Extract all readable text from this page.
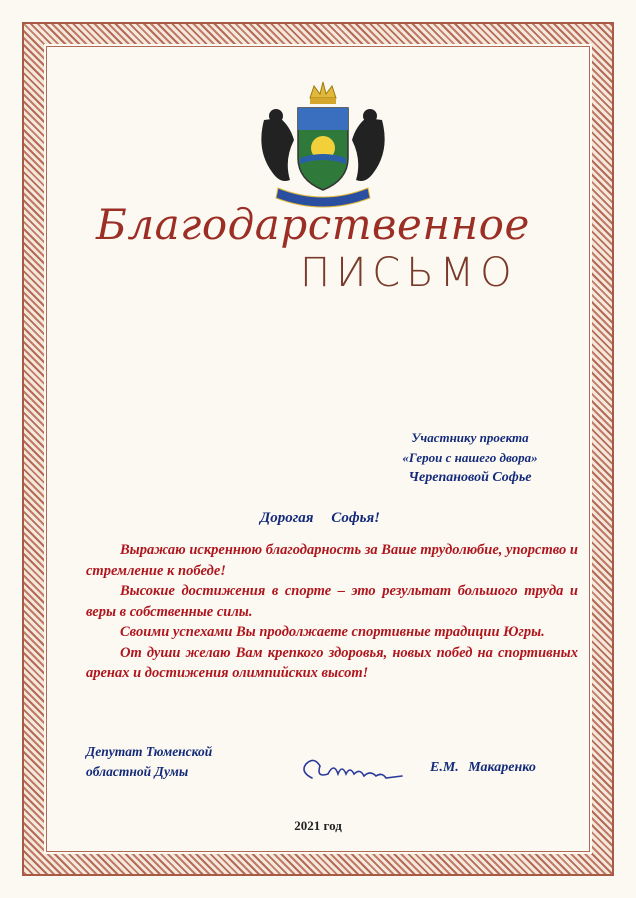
Благодарственное
ПИСЬМО
Участнику проекта
«Герои с нашего двора»
Черепановой Софье
Дорогая Софья!

Выражаю искреннюю благодарность за Ваше трудолюбие, упорство и стремление к победе!

Высокие достижения в спорте – это результат большого труда и веры в собственные силы.

Своими успехами Вы продолжаете спортивные традиции Югры.

От души желаю Вам крепкого здоровья, новых побед на спортивных аренах и достижения олимпийских высот!

Депутат Тюменской
областной Думы	Е.М. Макаренко
2021 год
